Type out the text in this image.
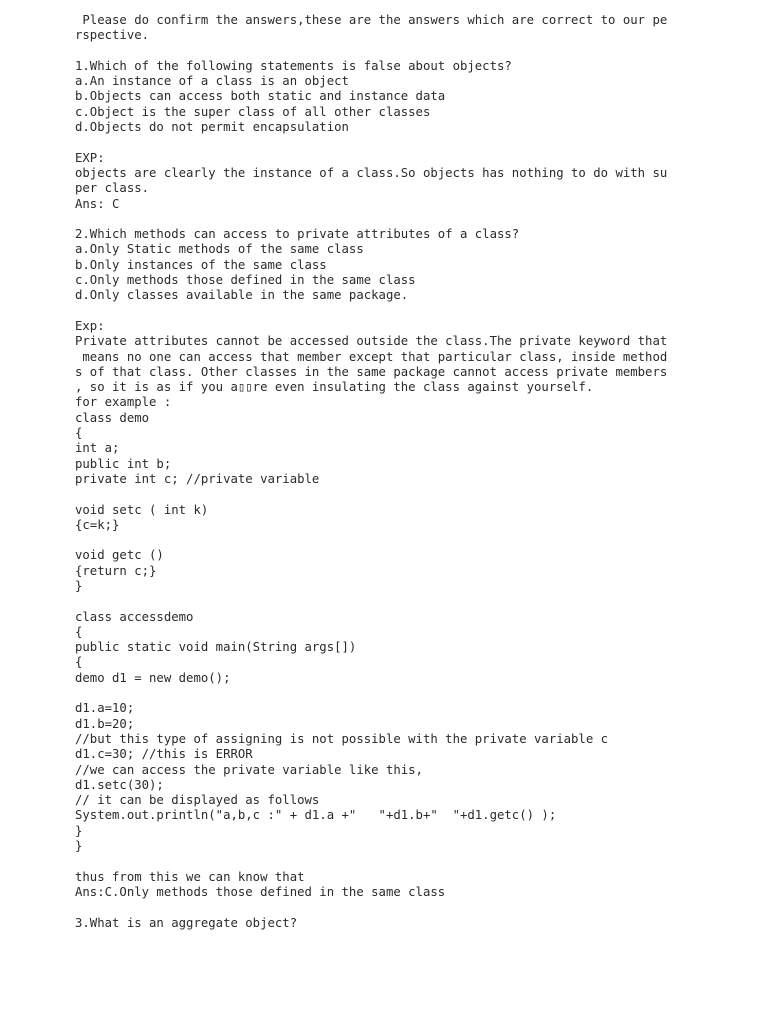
Please do confirm the answers,these are the answers which are correct to our pe
rspective.
1.Which of the following statements is false about objects?
a.An instance of a class is an object
b.Objects can access both static and instance data
c.Object is the super class of all other classes
d.Objects do not permit encapsulation
EXP:
objects are clearly the instance of a class.So objects has nothing to do with su
per class.
Ans: C
2.Which methods can access to private attributes of a class?
a.Only Static methods of the same class
b.Only instances of the same class
c.Only methods those defined in the same class
d.Only classes available in the same package.
Exp:
Private attributes cannot be accessed outside the class.The private keyword that
means no one can access that member except that particular class, inside method
s of that class. Other classes in the same package cannot access private members
, so it is as if you a▯▯re even insulating the class against yourself.
for example :
class demo
{
int a;
public int b;
private int c; //private variable
void setc ( int k)
{c=k;}
void getc ()
{return c;}
}
class accessdemo
{
public static void main(String args[])
{
demo d1 = new demo();
d1.a=10;
d1.b=20;
//but this type of assigning is not possible with the private variable c
d1.c=30; //this is ERROR
//we can access the private variable like this,
d1.setc(30);
// it can be displayed as follows
System.out.println("a,b,c :" + d1.a +"   "+d1.b+"  "+d1.getc() );
}
}
thus from this we can know that
Ans:C.Only methods those defined in the same class
3.What is an aggregate object?
